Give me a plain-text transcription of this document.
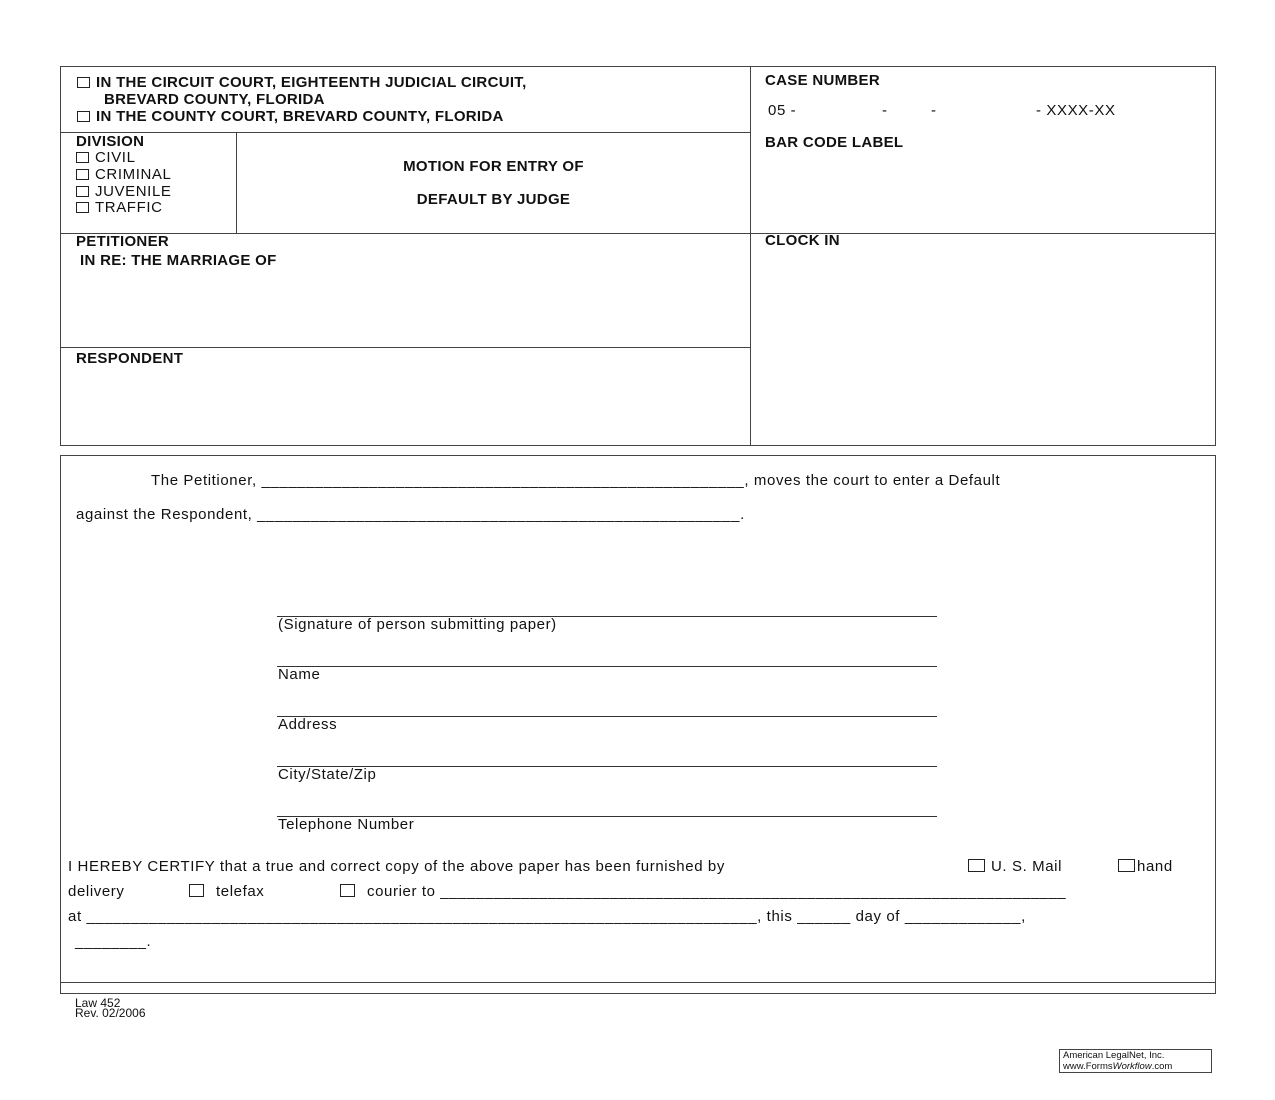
IN THE CIRCUIT COURT, EIGHTEENTH JUDICIAL CIRCUIT,
BREVARD COUNTY, FLORIDA
IN THE COUNTY COURT, BREVARD COUNTY, FLORIDA
CASE NUMBER
05 -	-	-	- XXXX-XX
BAR CODE LABEL
DIVISION
CIVIL
CRIMINAL
JUVENILE
TRAFFIC
MOTION FOR ENTRY OF
DEFAULT BY JUDGE
PETITIONER
IN RE: THE MARRIAGE OF
CLOCK IN
RESPONDENT
The Petitioner, ______________________________________________________, moves the court to enter a Default
against the Respondent, ______________________________________________________.
(Signature of person submitting paper)
Name
Address
City/State/Zip
Telephone Number
I HEREBY CERTIFY that a true and correct copy of the above paper has been furnished by	U. S. Mail	hand
delivery	telefax	courier to ______________________________________________________________________
at ___________________________________________________________________________, this ______ day of _____________,
________.
Law 452
Rev. 02/2006
American LegalNet, Inc.
www.FormsWorkflow.com
